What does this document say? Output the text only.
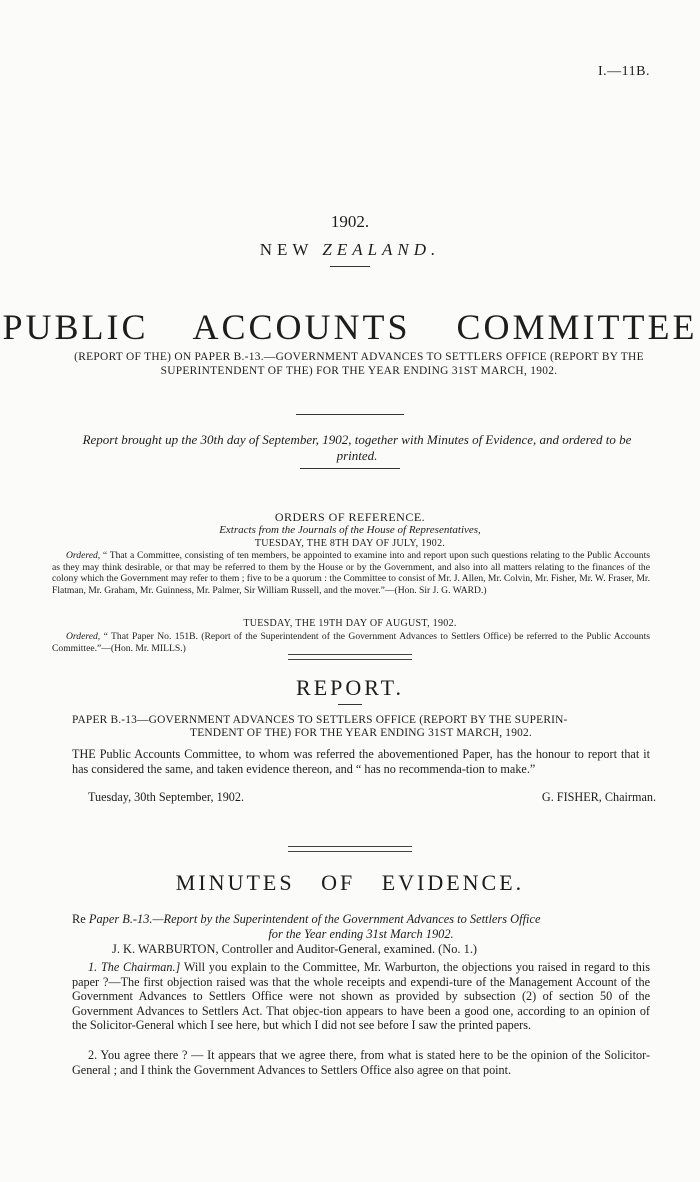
I.—11B.
1902.
NEW ZEALAND.
PUBLIC ACCOUNTS COMMITTEE
(REPORT OF THE) ON PAPER B.-13.—GOVERNMENT ADVANCES TO SETTLERS OFFICE (REPORT BY THE SUPERINTENDENT OF THE) FOR THE YEAR ENDING 31ST MARCH, 1902.
Report brought up the 30th day of September, 1902, together with Minutes of Evidence, and ordered to be printed.
ORDERS OF REFERENCE.
Extracts from the Journals of the House of Representatives,
TUESDAY, THE 8TH DAY OF JULY, 1902.
Ordered, “ That a Committee, consisting of ten members, be appointed to examine into and report upon such questions relating to the Public Accounts as they may think desirable, or that may be referred to them by the House or by the Government, and also into all matters relating to the finances of the colony which the Government may refer to them ; five to be a quorum : the Committee to consist of Mr. J. Allen, Mr. Colvin, Mr. Fisher, Mr. W. Fraser, Mr. Flatman, Mr. Graham, Mr. Guinness, Mr. Palmer, Sir William Russell, and the mover.”—(Hon. Sir J. G. WARD.)
TUESDAY, THE 19TH DAY OF AUGUST, 1902.
Ordered, “ That Paper No. 151B. (Report of the Superintendent of the Government Advances to Settlers Office) be referred to the Public Accounts Committee.”—(Hon. Mr. MILLS.)
REPORT.
PAPER B.-13—GOVERNMENT ADVANCES TO SETTLERS OFFICE (REPORT BY THE SUPERIN-
TENDENT OF THE) FOR THE YEAR ENDING 31ST MARCH, 1902.
THE Public Accounts Committee, to whom was referred the abovementioned Paper, has the honour to report that it has considered the same, and taken evidence thereon, and “ has no recommenda-tion to make.”
Tuesday, 30th September, 1902.	G. FISHER, Chairman.
MINUTES OF EVIDENCE.
Re Paper B.-13.—Report by the Superintendent of the Government Advances to Settlers Office
for the Year ending 31st March 1902.
J. K. WARBURTON, Controller and Auditor-General, examined. (No. 1.)
1. The Chairman.] Will you explain to the Committee, Mr. Warburton, the objections you raised in regard to this paper ?—The first objection raised was that the whole receipts and expendi-ture of the Management Account of the Government Advances to Settlers Office were not shown as provided by subsection (2) of section 50 of the Government Advances to Settlers Act. That objec-tion appears to have been a good one, according to an opinion of the Solicitor-General which I see here, but which I did not see before I saw the printed papers.
2. You agree there ? — It appears that we agree there, from what is stated here to be the opinion of the Solicitor-General ; and I think the Government Advances to Settlers Office also agree on that point.
